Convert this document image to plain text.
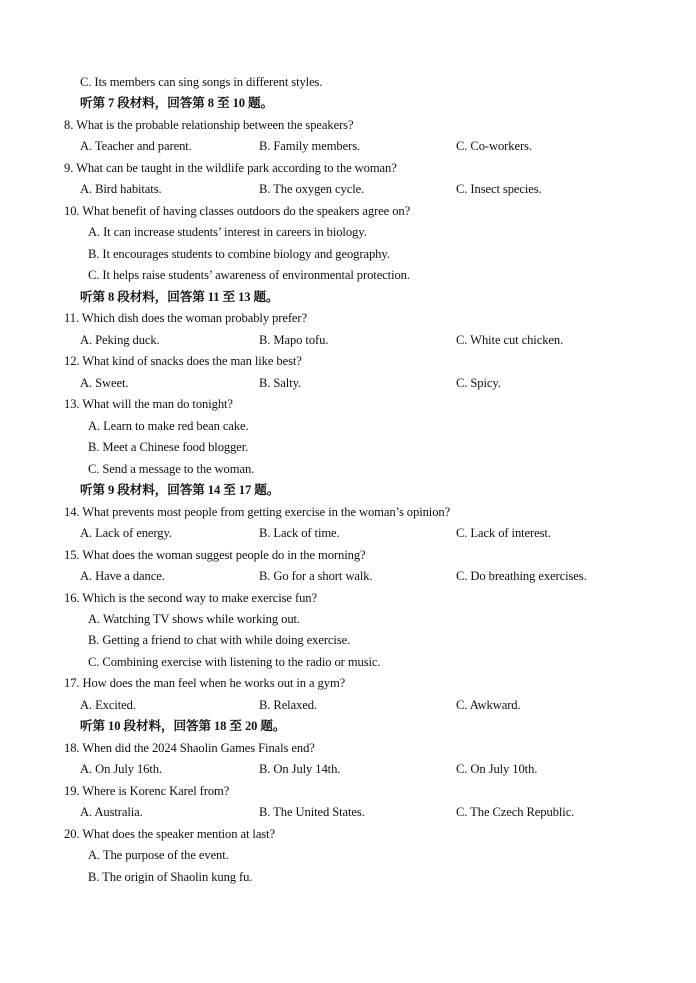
C. Its members can sing songs in different styles.
听第 7 段材料，回答第 8 至 10 题。
8. What is the probable relationship between the speakers?
A. Teacher and parent.	B. Family members.	C. Co-workers.
9. What can be taught in the wildlife park according to the woman?
A. Bird habitats.	B. The oxygen cycle.	C. Insect species.
10. What benefit of having classes outdoors do the speakers agree on?
A. It can increase students’ interest in careers in biology.
B. It encourages students to combine biology and geography.
C. It helps raise students’ awareness of environmental protection.
听第 8 段材料，回答第 11 至 13 题。
11. Which dish does the woman probably prefer?
A. Peking duck.	B. Mapo tofu.	C. White cut chicken.
12. What kind of snacks does the man like best?
A. Sweet.	B. Salty.	C. Spicy.
13. What will the man do tonight?
A. Learn to make red bean cake.
B. Meet a Chinese food blogger.
C. Send a message to the woman.
听第 9 段材料，回答第 14 至 17 题。
14. What prevents most people from getting exercise in the woman’s opinion?
A. Lack of energy.	B. Lack of time.	C. Lack of interest.
15. What does the woman suggest people do in the morning?
A. Have a dance.	B. Go for a short walk.	C. Do breathing exercises.
16. Which is the second way to make exercise fun?
A. Watching TV shows while working out.
B. Getting a friend to chat with while doing exercise.
C. Combining exercise with listening to the radio or music.
17. How does the man feel when he works out in a gym?
A. Excited.	B. Relaxed.	C. Awkward.
听第 10 段材料，回答第 18 至 20 题。
18. When did the 2024 Shaolin Games Finals end?
A. On July 16th.	B. On July 14th.	C. On July 10th.
19. Where is Korenc Karel from?
A. Australia.	B. The United States.	C. The Czech Republic.
20. What does the speaker mention at last?
A. The purpose of the event.
B. The origin of Shaolin kung fu.
